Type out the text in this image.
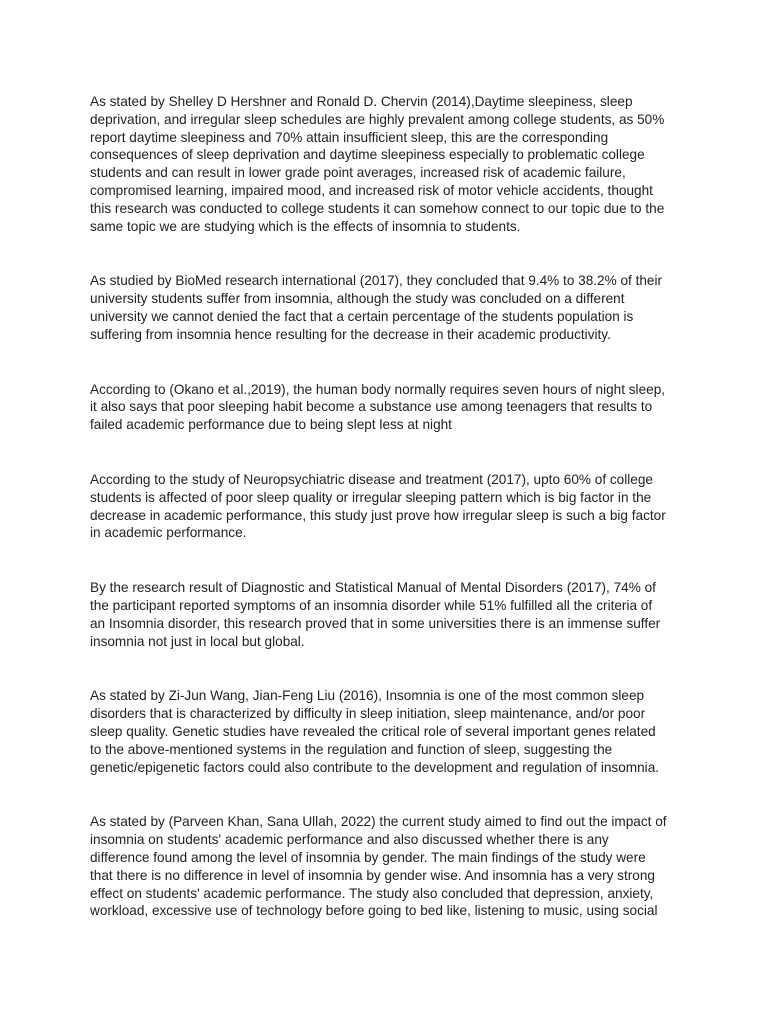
As stated by Shelley D Hershner and Ronald D. Chervin (2014),Daytime sleepiness, sleep
deprivation, and irregular sleep schedules are highly prevalent among college students, as 50%
report daytime sleepiness and 70% attain insufficient sleep, this are the corresponding
consequences of sleep deprivation and daytime sleepiness especially to problematic college
students and can result in lower grade point averages, increased risk of academic failure,
compromised learning, impaired mood, and increased risk of motor vehicle accidents, thought
this research was conducted to college students it can somehow connect to our topic due to the
same topic we are studying which is the effects of insomnia to students.

As studied by BioMed research international (2017), they concluded that 9.4% to 38.2% of their
university students suffer from insomnia, although the study was concluded on a different
university we cannot denied the fact that a certain percentage of the students population is
suffering from insomnia hence resulting for the decrease in their academic productivity.

According to (Okano et al.,2019), the human body normally requires seven hours of night sleep,
it also says that poor sleeping habit become a substance use among teenagers that results to
failed academic performance due to being slept less at night

According to the study of Neuropsychiatric disease and treatment (2017), upto 60% of college
students is affected of poor sleep quality or irregular sleeping pattern which is big factor in the
decrease in academic performance, this study just prove how irregular sleep is such a big factor
in academic performance.

By the research result of Diagnostic and Statistical Manual of Mental Disorders (2017), 74% of
the participant reported symptoms of an insomnia disorder while 51% fulfilled all the criteria of
an Insomnia disorder, this research proved that in some universities there is an immense suffer
insomnia not just in local but global.

As stated by Zi-Jun Wang, Jian-Feng Liu (2016), Insomnia is one of the most common sleep
disorders that is characterized by difficulty in sleep initiation, sleep maintenance, and/or poor
sleep quality. Genetic studies have revealed the critical role of several important genes related
to the above-mentioned systems in the regulation and function of sleep, suggesting the
genetic/epigenetic factors could also contribute to the development and regulation of insomnia.

As stated by (Parveen Khan, Sana Ullah, 2022) the current study aimed to find out the impact of
insomnia on students' academic performance and also discussed whether there is any
difference found among the level of insomnia by gender. The main findings of the study were
that there is no difference in level of insomnia by gender wise. And insomnia has a very strong
effect on students' academic performance. The study also concluded that depression, anxiety,
workload, excessive use of technology before going to bed like, listening to music, using social
